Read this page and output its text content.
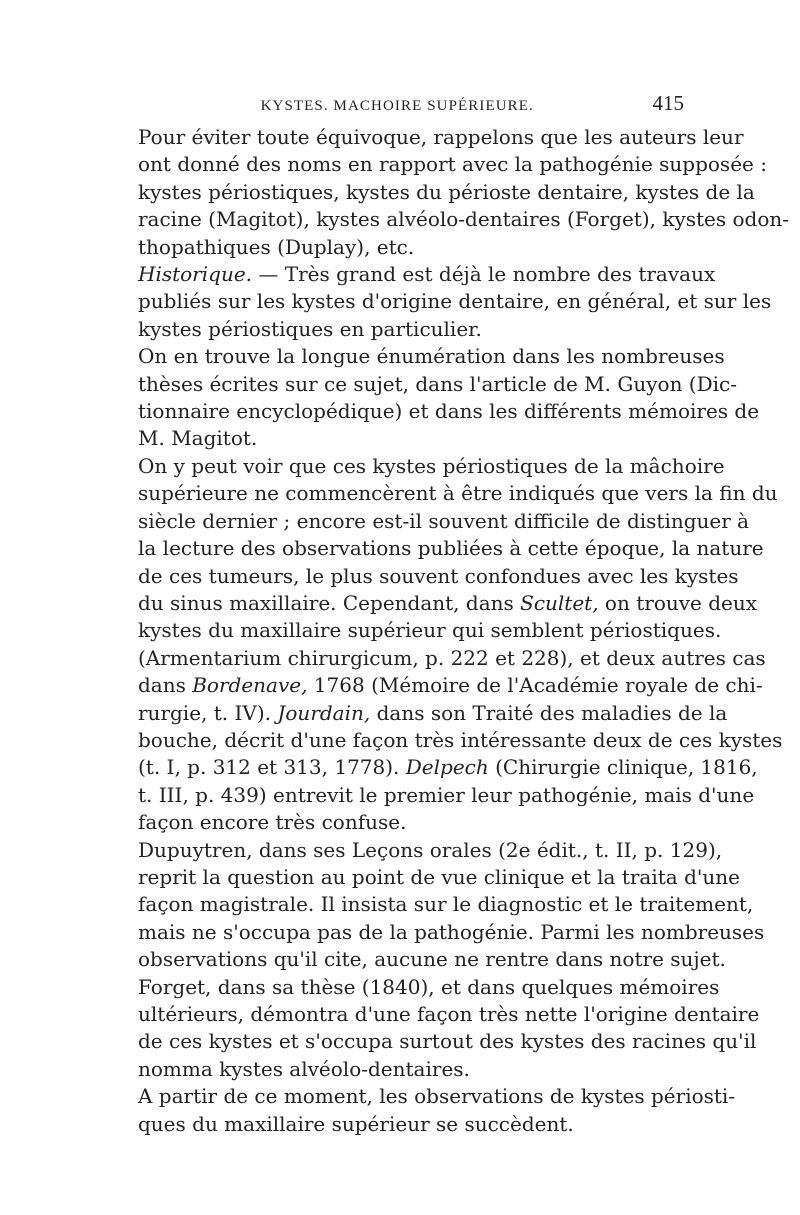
KYSTES. MACHOIRE SUPÉRIEURE.	415

Pour éviter toute équivoque, rappelons que les auteurs leur
ont donné des noms en rapport avec la pathogénie supposée :
kystes périostiques, kystes du périoste dentaire, kystes de la
racine (Magitot), kystes alvéolo-dentaires (Forget), kystes odon-
thopathiques (Duplay), etc.

Historique. — Très grand est déjà le nombre des travaux
publiés sur les kystes d'origine dentaire, en général, et sur les
kystes périostiques en particulier.

On en trouve la longue énumération dans les nombreuses
thèses écrites sur ce sujet, dans l'article de M. Guyon (Dic-
tionnaire encyclopédique) et dans les différents mémoires de
M. Magitot.

On y peut voir que ces kystes périostiques de la mâchoire
supérieure ne commencèrent à être indiqués que vers la fin du
siècle dernier ; encore est-il souvent difficile de distinguer à
la lecture des observations publiées à cette époque, la nature
de ces tumeurs, le plus souvent confondues avec les kystes
du sinus maxillaire. Cependant, dans Scultet, on trouve deux
kystes du maxillaire supérieur qui semblent périostiques.
(Armentarium chirurgicum, p. 222 et 228), et deux autres cas
dans Bordenave, 1768 (Mémoire de l'Académie royale de chi-
rurgie, t. IV). Jourdain, dans son Traité des maladies de la
bouche, décrit d'une façon très intéressante deux de ces kystes
(t. I, p. 312 et 313, 1778). Delpech (Chirurgie clinique, 1816,
t. III, p. 439) entrevit le premier leur pathogénie, mais d'une
façon encore très confuse.

Dupuytren, dans ses Leçons orales (2e édit., t. II, p. 129),
reprit la question au point de vue clinique et la traita d'une
façon magistrale. Il insista sur le diagnostic et le traitement,
mais ne s'occupa pas de la pathogénie. Parmi les nombreuses
observations qu'il cite, aucune ne rentre dans notre sujet.

Forget, dans sa thèse (1840), et dans quelques mémoires
ultérieurs, démontra d'une façon très nette l'origine dentaire
de ces kystes et s'occupa surtout des kystes des racines qu'il
nomma kystes alvéolo-dentaires.

A partir de ce moment, les observations de kystes périosti-
ques du maxillaire supérieur se succèdent.
